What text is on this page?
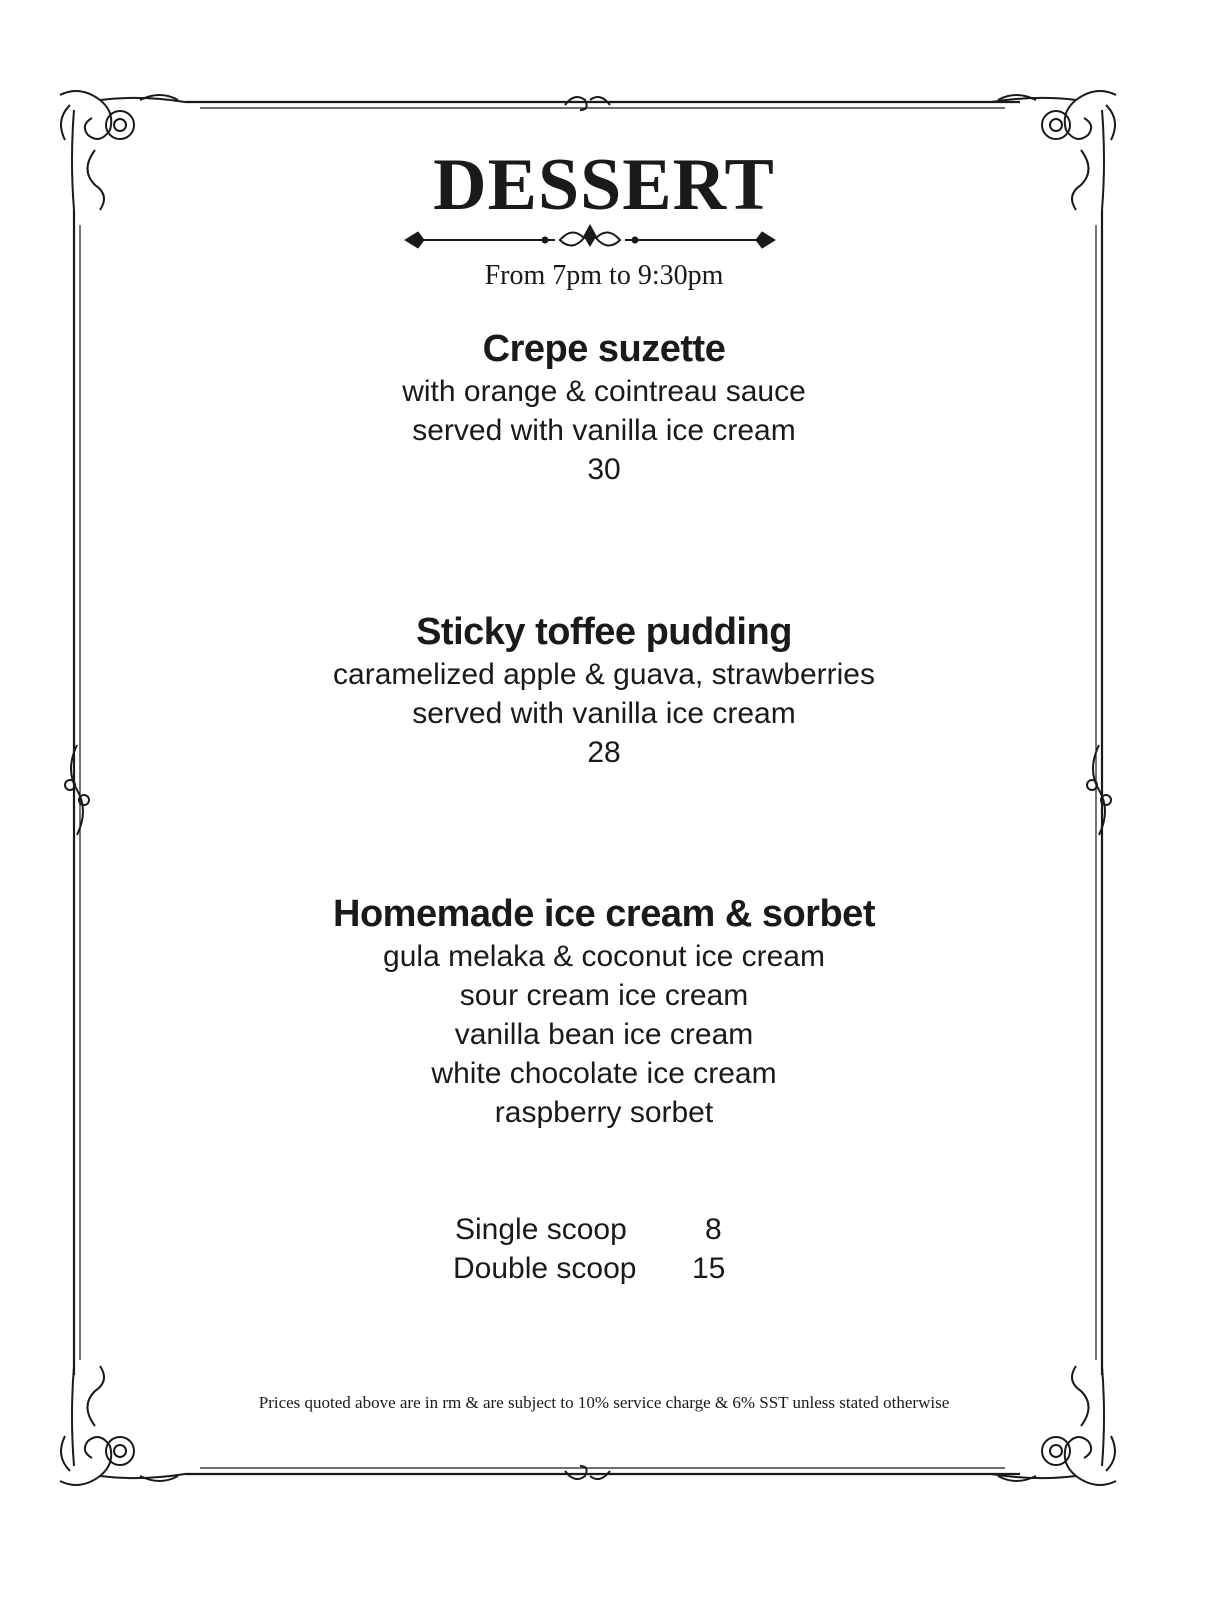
DESSERT
From 7pm to 9:30pm
Crepe suzette
with orange & cointreau sauce
served with vanilla ice cream
30
Sticky toffee pudding
caramelized apple & guava, strawberries
served with vanilla ice cream
28
Homemade ice cream & sorbet
gula melaka & coconut ice cream
sour cream ice cream
vanilla bean ice cream
white chocolate ice cream
raspberry sorbet
Single scoop	8
Double scoop 15
Prices quoted above are in rm & are subject to 10% service charge & 6% SST unless stated otherwise
